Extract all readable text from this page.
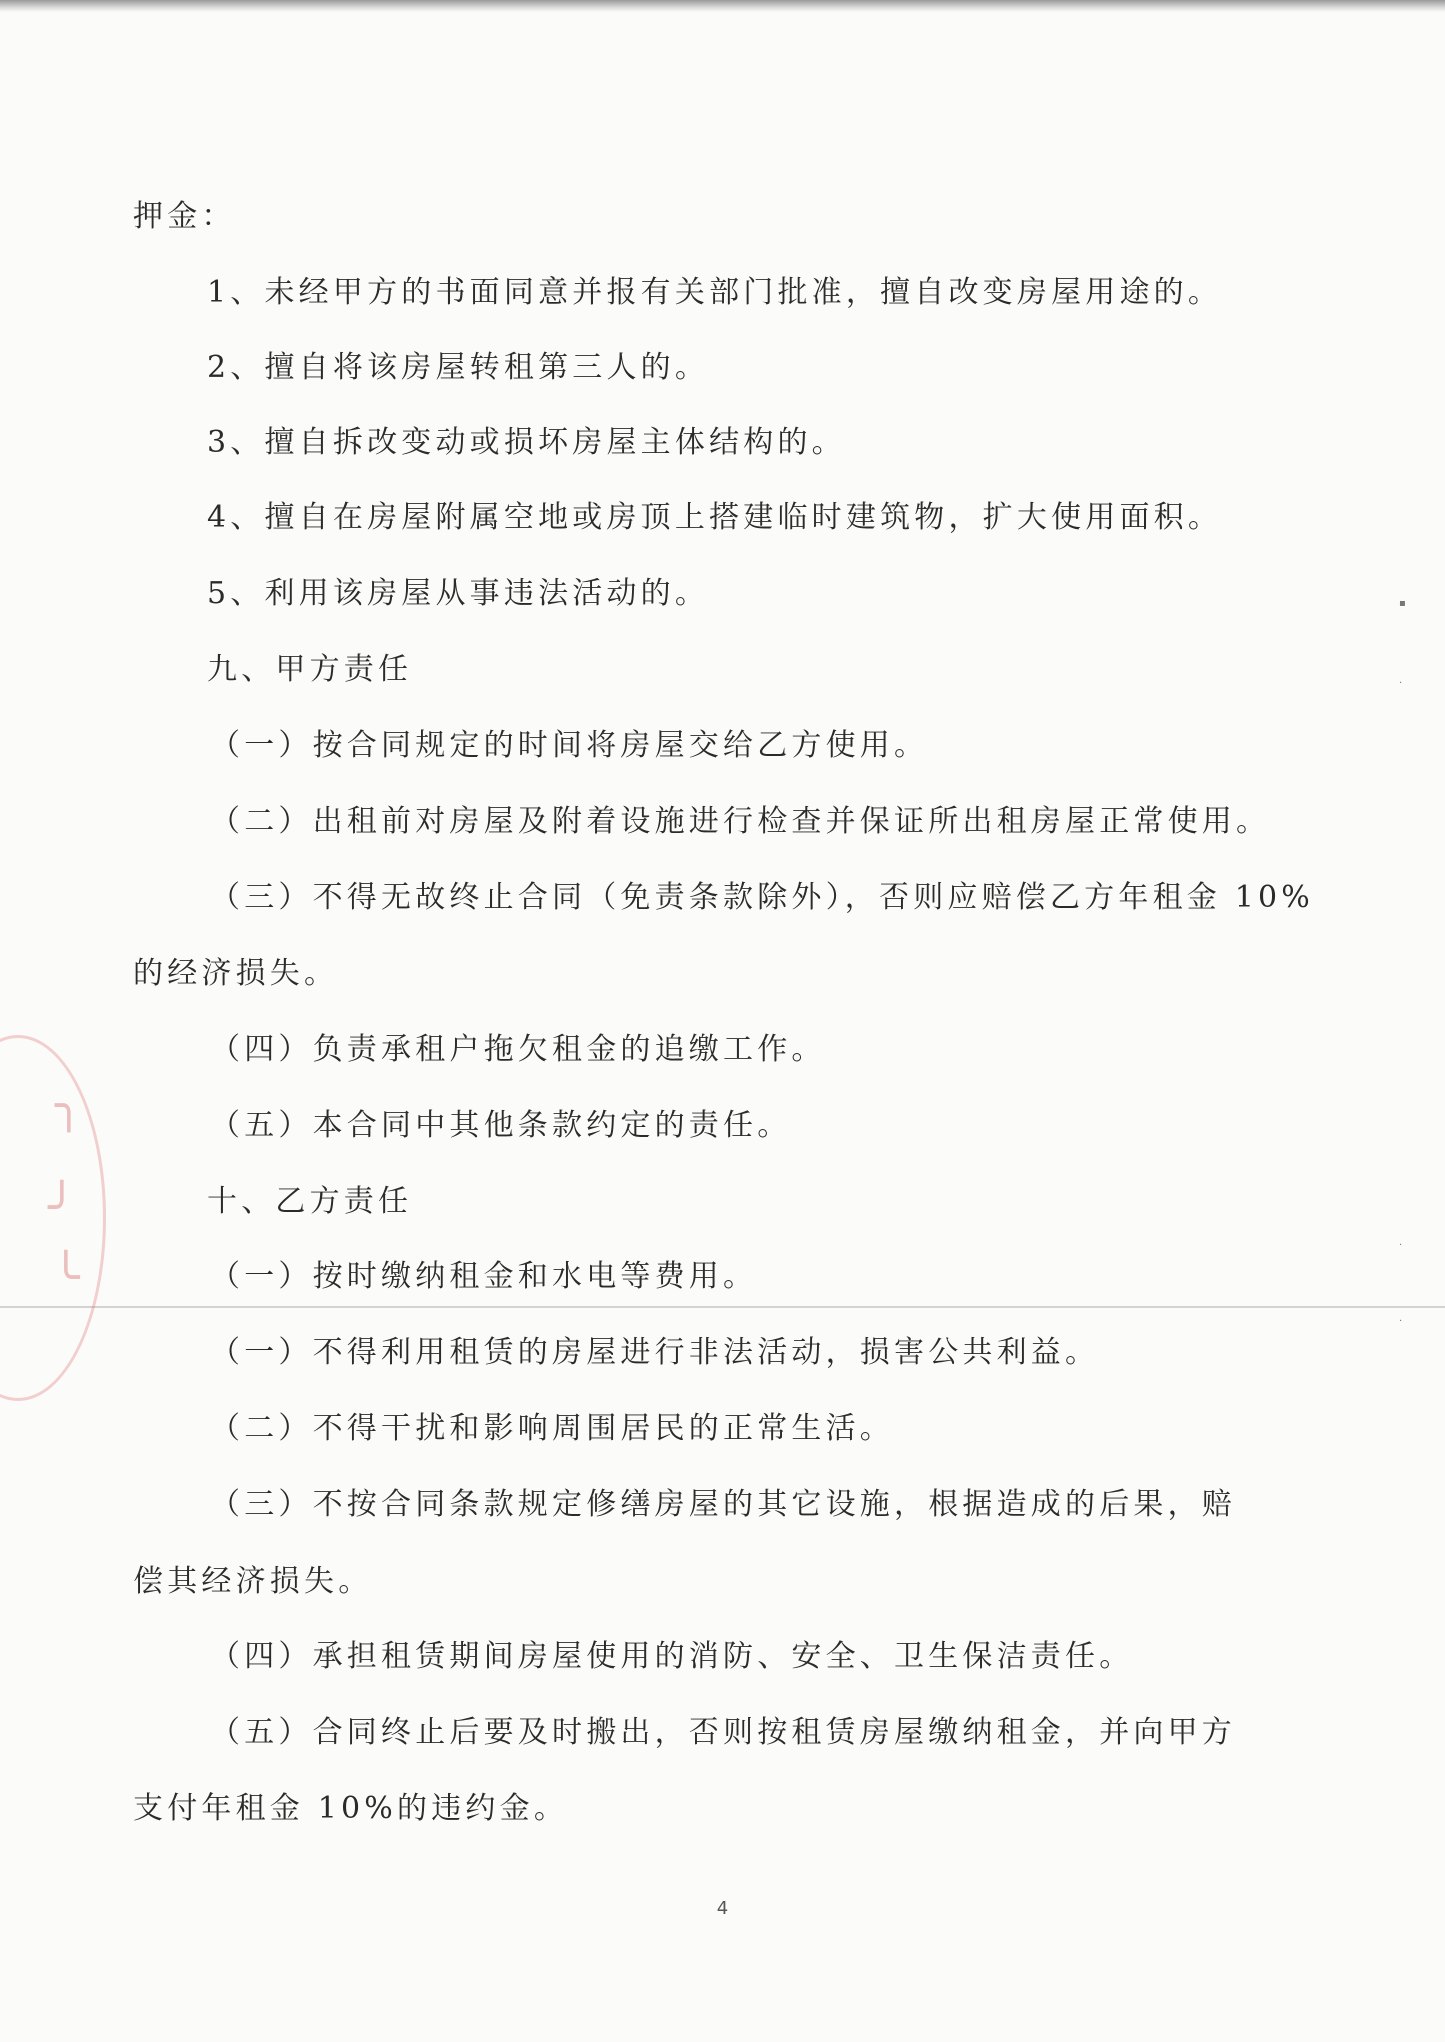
╮
╯
╰
▪
·
·
·

押金：

1、未经甲方的书面同意并报有关部门批准，擅自改变房屋用途的。

2、擅自将该房屋转租第三人的。

3、擅自拆改变动或损坏房屋主体结构的。

4、擅自在房屋附属空地或房顶上搭建临时建筑物，扩大使用面积。

5、利用该房屋从事违法活动的。

九、甲方责任

（一）按合同规定的时间将房屋交给乙方使用。

（二）出租前对房屋及附着设施进行检查并保证所出租房屋正常使用。

（三）不得无故终止合同（免责条款除外），否则应赔偿乙方年租金 10%

的经济损失。

（四）负责承租户拖欠租金的追缴工作。

（五）本合同中其他条款约定的责任。

十、乙方责任

（一）按时缴纳租金和水电等费用。

（一）不得利用租赁的房屋进行非法活动，损害公共利益。

（二）不得干扰和影响周围居民的正常生活。

（三）不按合同条款规定修缮房屋的其它设施，根据造成的后果，赔

偿其经济损失。

（四）承担租赁期间房屋使用的消防、安全、卫生保洁责任。

（五）合同终止后要及时搬出，否则按租赁房屋缴纳租金，并向甲方

支付年租金 10%的违约金。

4
